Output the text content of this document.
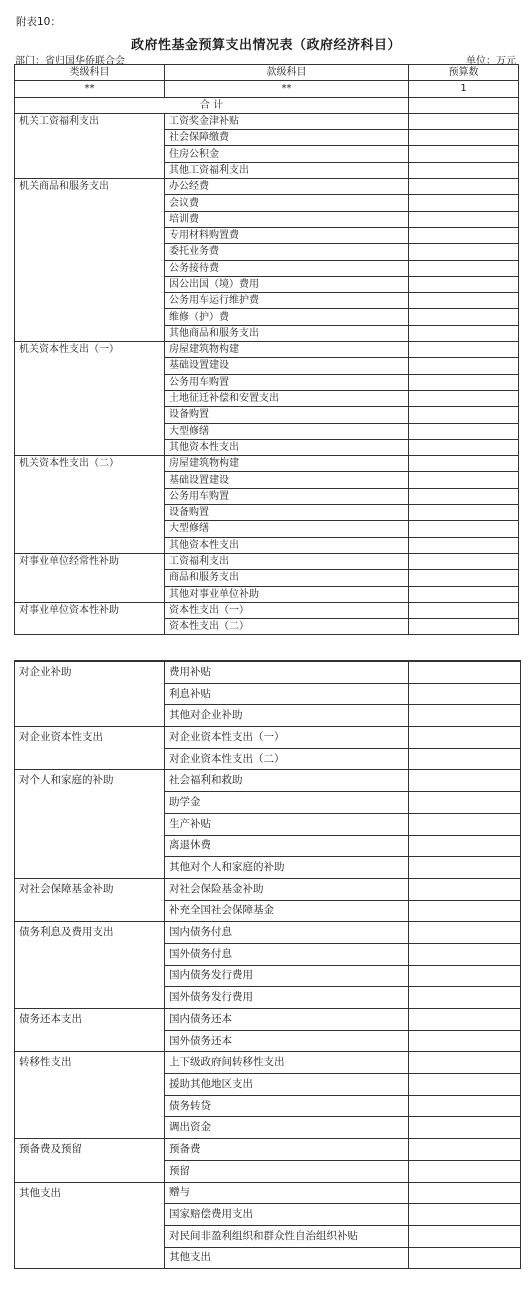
附表10：
政府性基金预算支出情况表（政府经济科目）
部门：省归国华侨联合会	单位：万元
类级科目	款级科目	预算数
**	**	1
合 计		
机关工资福利支出	工资奖金津补贴	
	社会保障缴费	
	住房公积金	
	其他工资福利支出	
机关商品和服务支出	办公经费	
	会议费	
	培训费	
	专用材料购置费	
	委托业务费	
	公务接待费	
	因公出国（境）费用	
	公务用车运行维护费	
	维修（护）费	
	其他商品和服务支出	
机关资本性支出（一）	房屋建筑物构建	
	基础设置建设	
	公务用车购置	
	土地征迁补偿和安置支出	
	设备购置	
	大型修缮	
	其他资本性支出	
机关资本性支出（二）	房屋建筑物构建	
	基础设置建设	
	公务用车购置	
	设备购置	
	大型修缮	
	其他资本性支出	
对事业单位经常性补助	工资福利支出	
	商品和服务支出	
	其他对事业单位补助	
对事业单位资本性补助	资本性支出（一）	
	资本性支出（二）	
对企业补助	费用补贴	
	利息补贴	
	其他对企业补助	
对企业资本性支出	对企业资本性支出（一）	
	对企业资本性支出（二）	
对个人和家庭的补助	社会福利和救助	
	助学金	
	生产补贴	
	离退休费	
	其他对个人和家庭的补助	
对社会保障基金补助	对社会保险基金补助	
	补充全国社会保障基金	
债务利息及费用支出	国内债务付息	
	国外债务付息	
	国内债务发行费用	
	国外债务发行费用	
债务还本支出	国内债务还本	
	国外债务还本	
转移性支出	上下级政府间转移性支出	
	援助其他地区支出	
	债务转贷	
	调出资金	
预备费及预留	预备费	
	预留	
其他支出	赠与	
	国家赔偿费用支出	
	对民间非盈利组织和群众性自治组织补贴	
	其他支出	
